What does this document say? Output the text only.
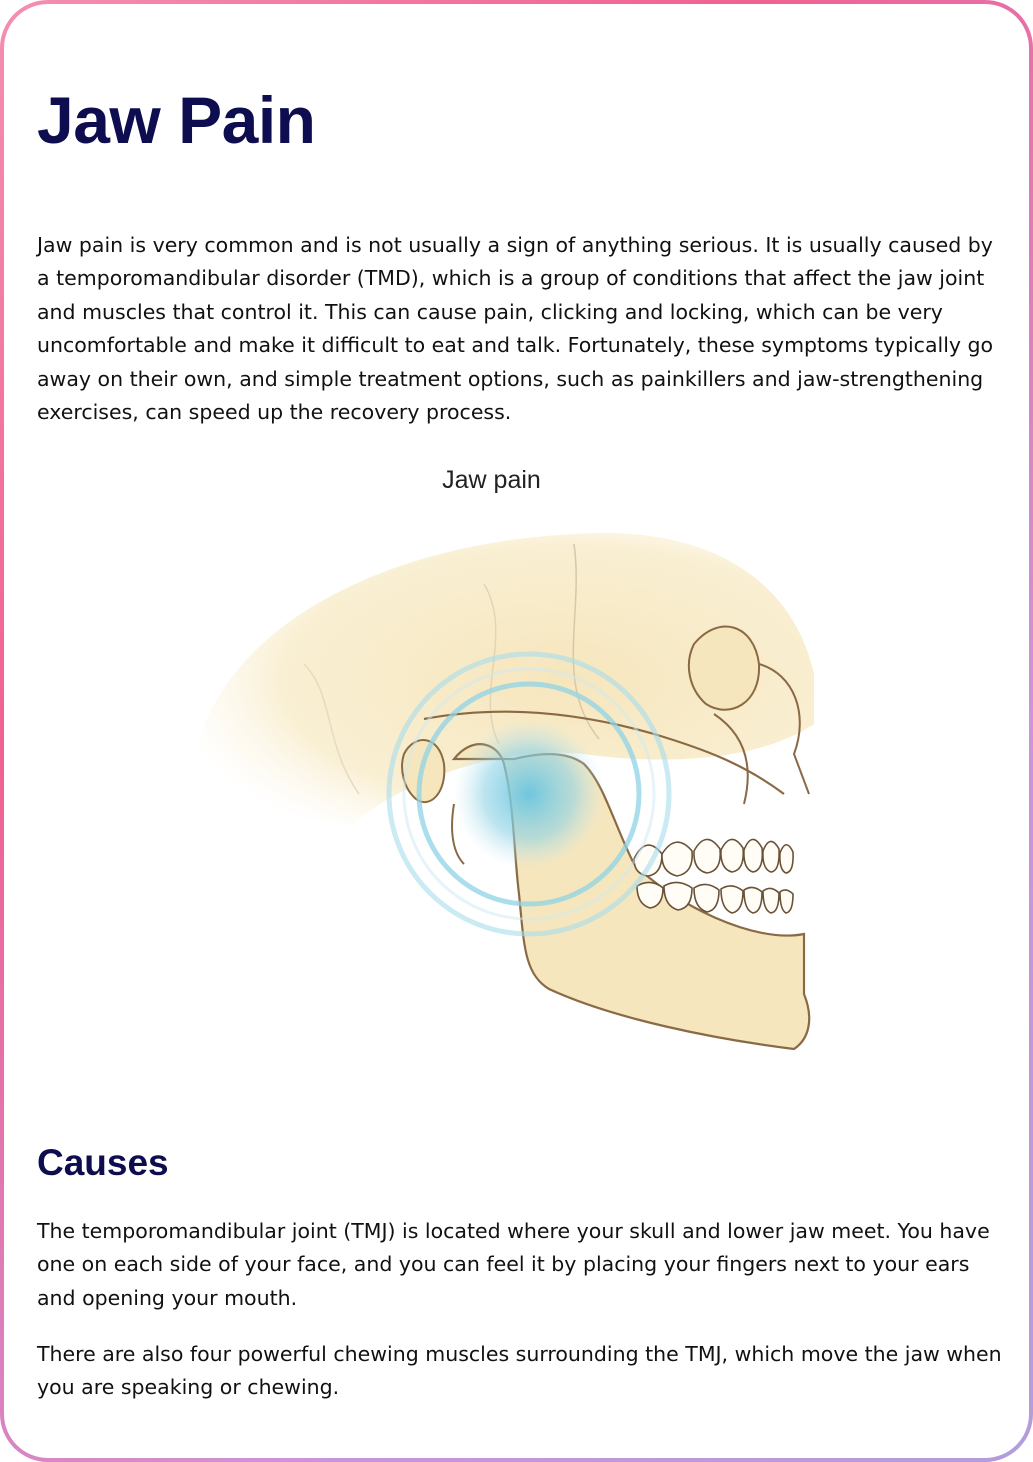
Jaw Pain

Jaw pain is very common and is not usually a sign of anything serious. It is usually caused by a temporomandibular disorder (TMD), which is a group of conditions that affect the jaw joint and muscles that control it. This can cause pain, clicking and locking, which can be very uncomfortable and make it difficult to eat and talk. Fortunately, these symptoms typically go away on their own, and simple treatment options, such as painkillers and jaw-strengthening exercises, can speed up the recovery process.

Jaw pain
Causes

The temporomandibular joint (TMJ) is located where your skull and lower jaw meet. You have one on each side of your face, and you can feel it by placing your fingers next to your ears and opening your mouth.

There are also four powerful chewing muscles surrounding the TMJ, which move the jaw when you are speaking or chewing.
